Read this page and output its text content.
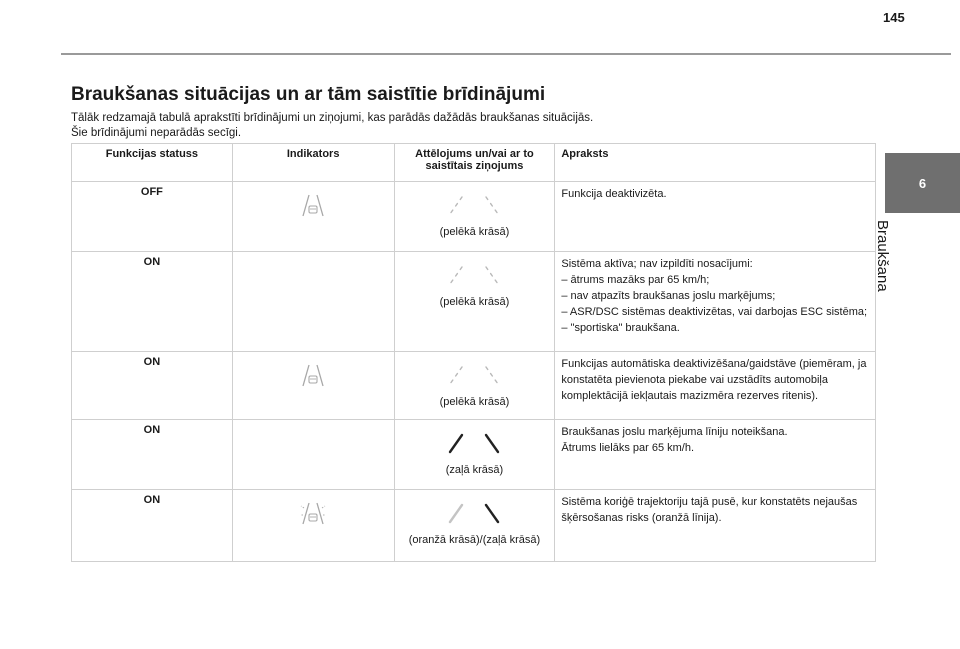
145
6
Braukšana
Braukšanas situācijas un ar tām saistītie brīdinājumi
Tālāk redzamajā tabulā aprakstīti brīdinājumi un ziņojumi, kas parādās dažādās braukšanas situācijās.
Šie brīdinājumi neparādās secīgi.
Funkcijas statuss	Indikators	Attēlojums un/vai ar to saistītais ziņojums	Apraksts
OFF		(pelēkā krāsā)	Funkcija deaktivizēta.

ON		(pelēkā krāsā)	Sistēma aktīva; nav izpildīti nosacījumi:
– ātrums mazāks par 65 km/h;
– nav atpazīts braukšanas joslu marķējums;
– ASR/DSC sistēmas deaktivizētas, vai darbojas ESC sistēma;
– "sportiska" braukšana.

ON		(pelēkā krāsā)	Funkcijas automātiska deaktivizēšana/gaidstāve (piemēram, ja konstatēta pievienota piekabe vai uzstādīts automobiļa komplektācijā iekļautais mazizmēra rezerves ritenis).

ON		(zaļā krāsā)	Braukšanas joslu marķējuma līniju noteikšana.
Ātrums lielāks par 65 km/h.

ON		(oranžā krāsā)/(zaļā krāsā)	Sistēma koriģē trajektoriju tajā pusē, kur konstatēts nejaušas šķērsošanas risks (oranžā līnija).
